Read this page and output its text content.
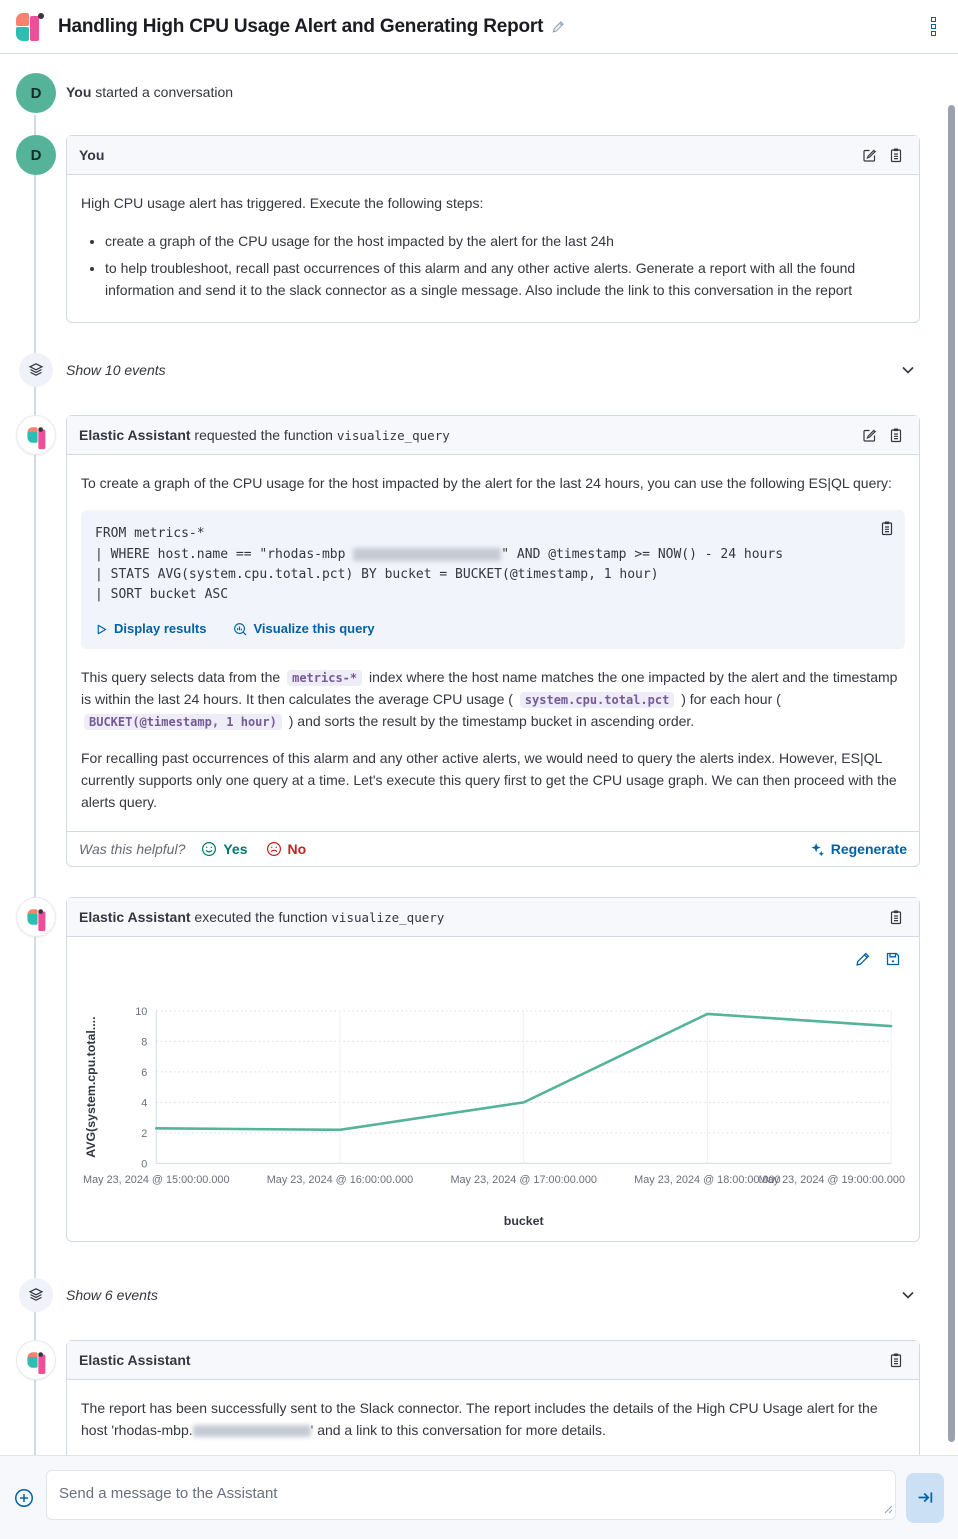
Handling High CPU Usage Alert and Generating Report
D	You started a conversation
D	You

High CPU usage alert has triggered. Execute the following steps:

• create a graph of the CPU usage for the host impacted by the alert for the last 24h
• to help troubleshoot, recall past occurrences of this alarm and any other active alerts. Generate a report with all the found information and send it to the slack connector as a single message. Also include the link to this conversation in the report
Show 10 events
Elastic Assistant requested the function visualize_query

To create a graph of the CPU usage for the host impacted by the alert for the last 24 hours, you can use the following ES|QL query:

FROM metrics-*
| WHERE host.name == "rhodas-mbp	" AND @timestamp >= NOW() - 24 hours
| STATS AVG(system.cpu.total.pct) BY bucket = BUCKET(@timestamp, 1 hour)
| SORT bucket ASC
Display results	Visualize this query

This query selects data from the metrics-* index where the host name matches the one impacted by the alert and the timestamp is within the last 24 hours. It then calculates the average CPU usage ( system.cpu.total.pct ) for each hour ( BUCKET(@timestamp, 1 hour) ) and sorts the result by the timestamp bucket in ascending order.

For recalling past occurrences of this alarm and any other active alerts, we would need to query the alerts index. However, ES|QL currently supports only one query at a time. Let's execute this query first to get the CPU usage graph. We can then proceed with the alerts query.

Was this helpful?	Yes	No	Regenerate
Elastic Assistant executed the function visualize_query
0
2
4
6
8
10
May 23, 2024 @ 15:00:00.000	May 23, 2024 @ 16:00:00.000	May 23, 2024 @ 17:00:00.000	May 23, 2024 @ 18:00:00.000
May 23, 2024 @ 19:00:00.000
AVG(system.cpu.total....
bucket
Show 6 events
Elastic Assistant

The report has been successfully sent to the Slack connector. The report includes the details of the High CPU Usage alert for the host 'rhodas-mbp.	' and a link to this conversation for more details.

Send a message to the Assistant
